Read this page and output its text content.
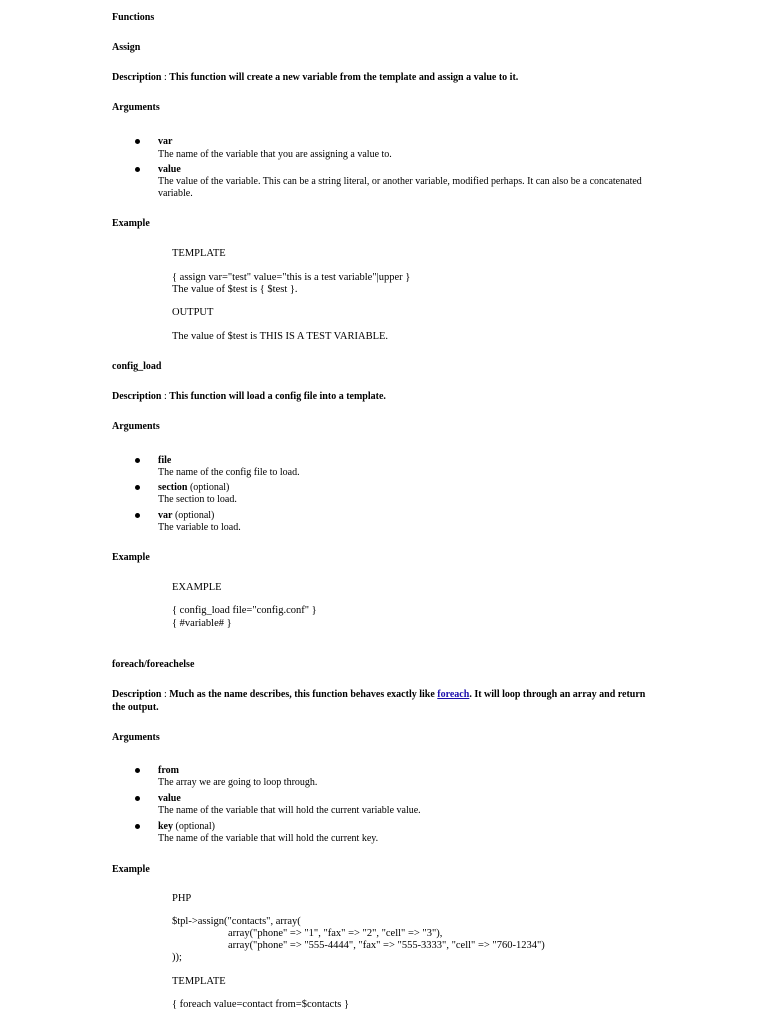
Functions
Assign
Description : This function will create a new variable from the template and assign a value to it.
Arguments
var
The name of the variable that you are assigning a value to.
value
The value of the variable. This can be a string literal, or another variable, modified perhaps. It can also be a concatenated
variable.
Example
TEMPLATE
{ assign var="test" value="this is a test variable"|upper }
The value of $test is { $test }.
OUTPUT
The value of $test is THIS IS A TEST VARIABLE.
config_load
Description : This function will load a config file into a template.
Arguments
file
The name of the config file to load.
section (optional)
The section to load.
var (optional)
The variable to load.
Example
EXAMPLE
{ config_load file="config.conf" }
{ #variable# }
foreach/foreachelse
Description : Much as the name describes, this function behaves exactly like foreach. It will loop through an array and return
the output.
Arguments
from
The array we are going to loop through.
value
The name of the variable that will hold the current variable value.
key (optional)
The name of the variable that will hold the current key.
Example
PHP
$tpl->assign("contacts", array(
array("phone" => "1", "fax" => "2", "cell" => "3"),
array("phone" => "555-4444", "fax" => "555-3333", "cell" => "760-1234")
));
TEMPLATE
{ foreach value=contact from=$contacts }
